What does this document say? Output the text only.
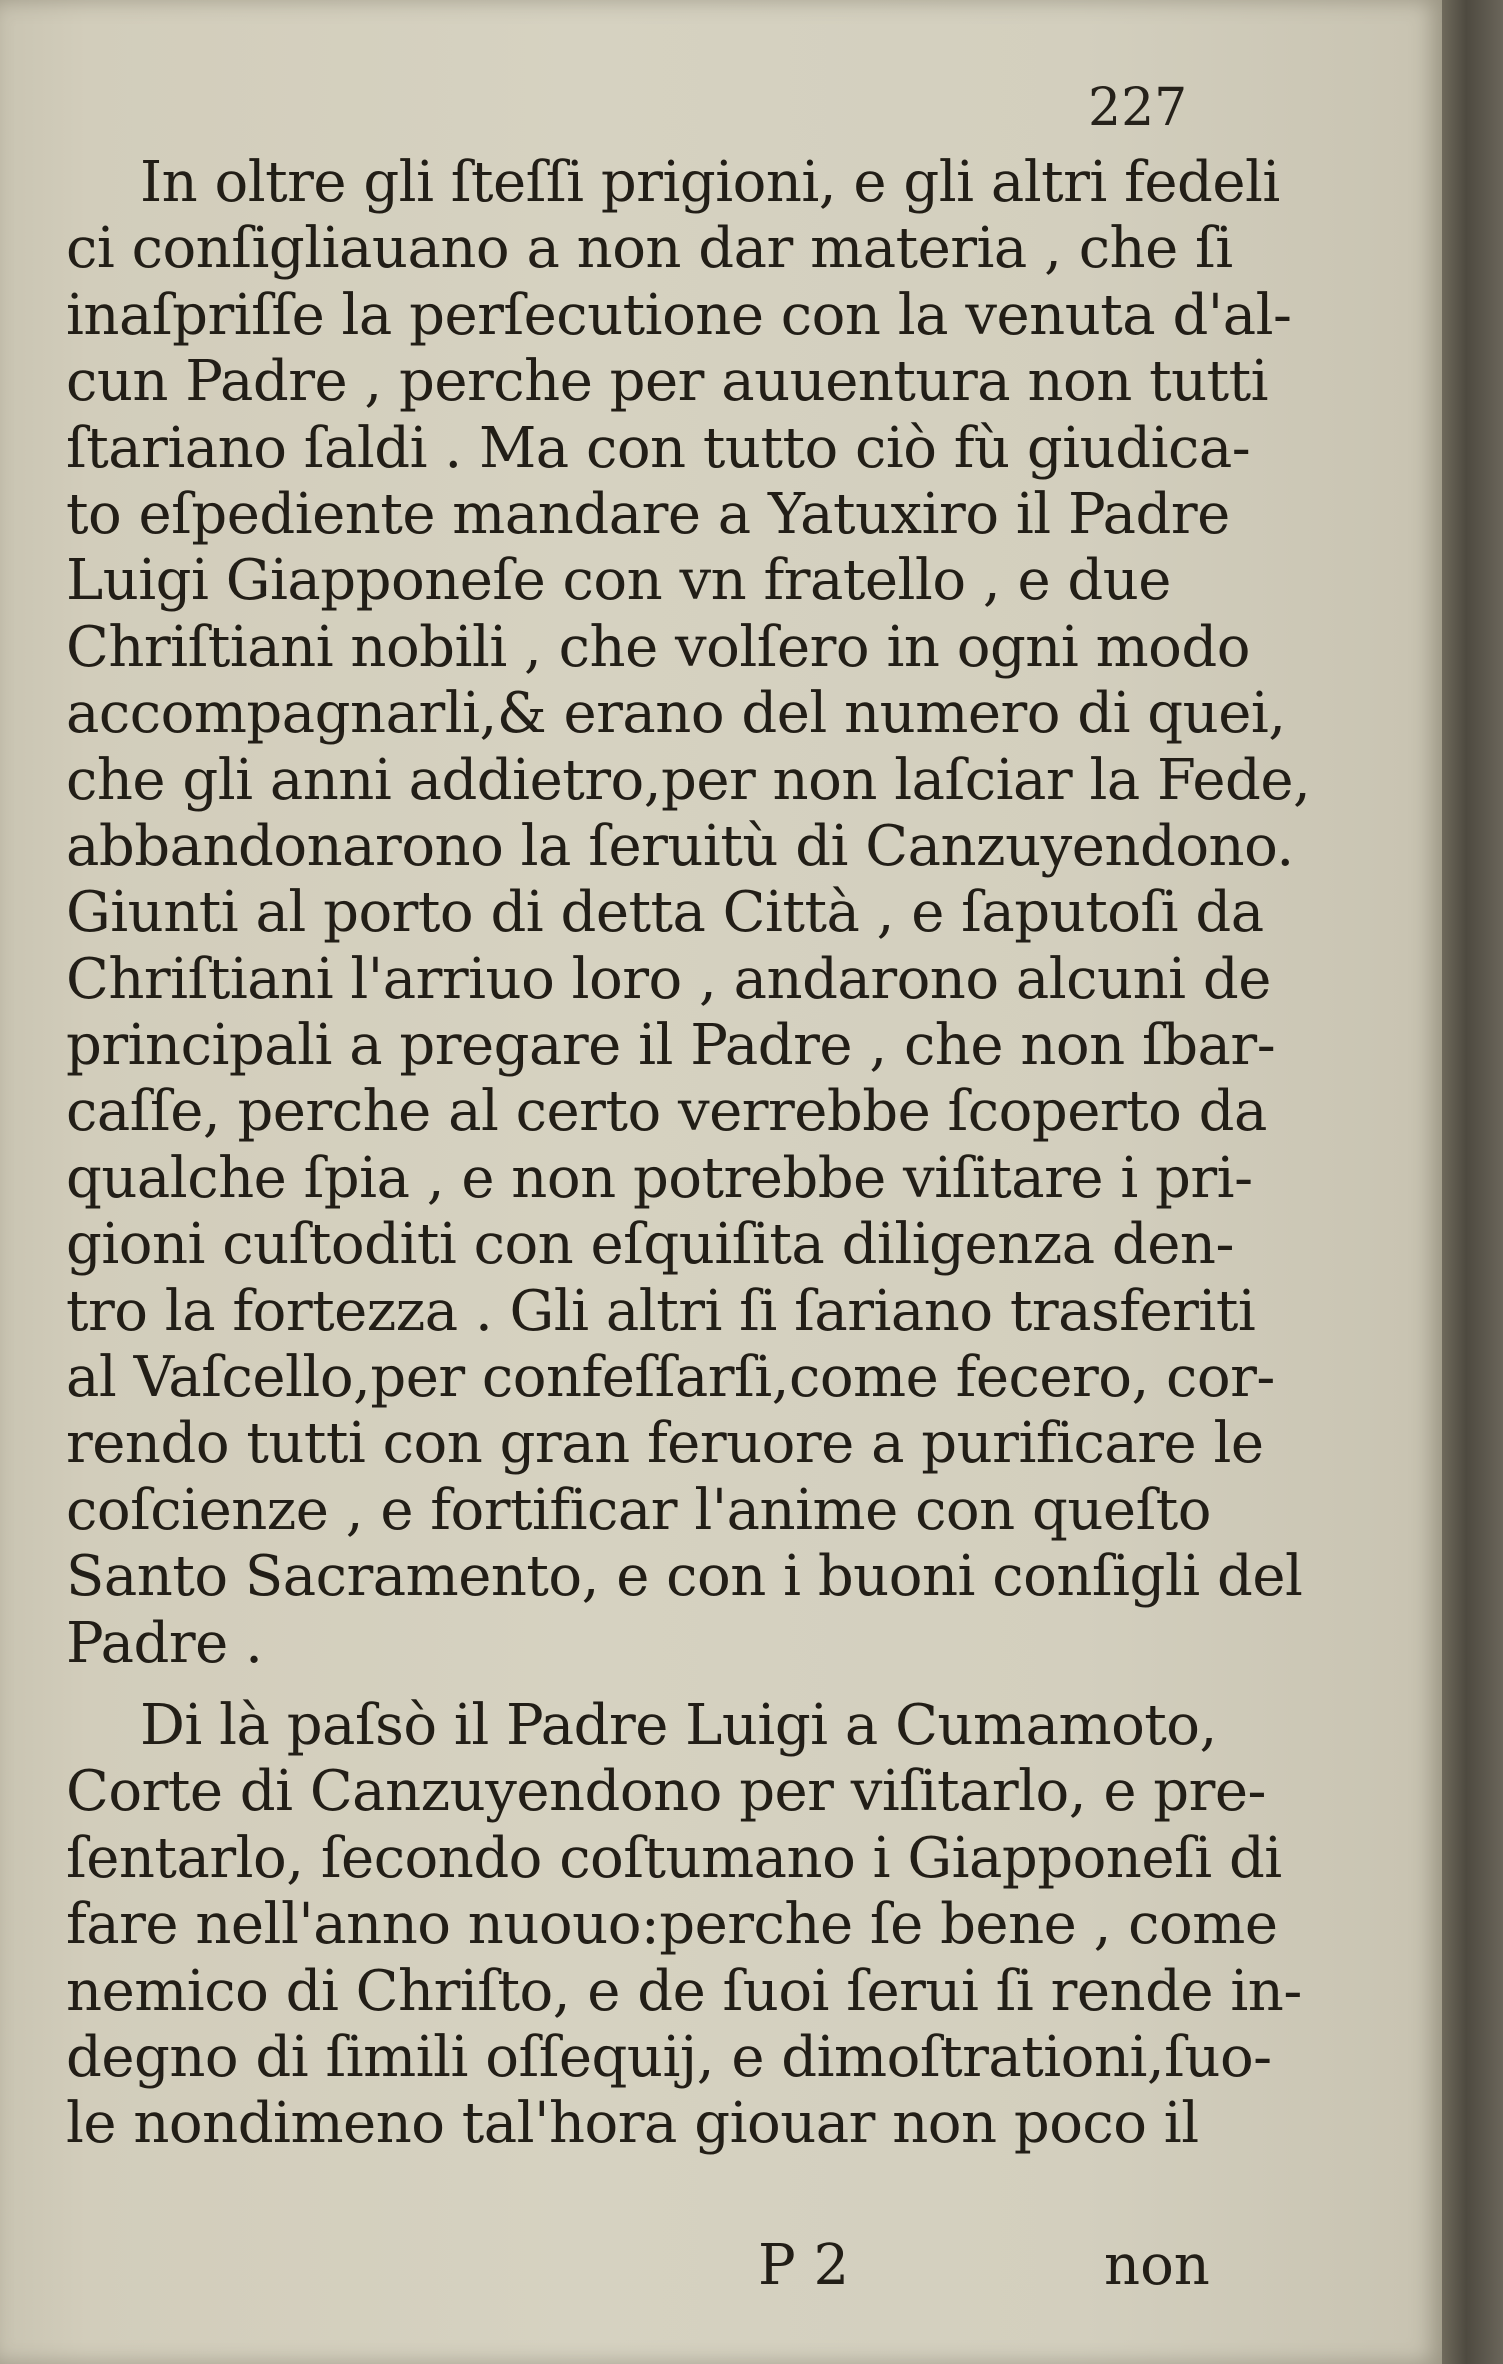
227

In oltre gli ſteſſi prigioni, e gli altri fedeli

ci conſigliauano a non dar materia , che ſi

inaſpriſſe la perſecutione con la venuta d'al-

cun Padre , perche per auuentura non tutti

ſtariano ſaldi . Ma con tutto ciò fù giudica-

to eſpediente mandare a Yatuxiro il Padre

Luigi Giapponeſe con vn fratello , e due

Chriſtiani nobili , che volſero in ogni modo

accompagnarli,& erano del numero di quei,

che gli anni addietro,per non laſciar la Fede,

abbandonarono la ſeruitù di Canzuyendono.

Giunti al porto di detta Città , e ſaputoſi da

Chriſtiani l'arriuo loro , andarono alcuni de

principali a pregare il Padre , che non ſbar-

caſſe, perche al certo verrebbe ſcoperto da

qualche ſpia , e non potrebbe viſitare i pri-

gioni cuſtoditi con eſquiſita diligenza den-

tro la fortezza . Gli altri ſi ſariano trasferiti

al Vaſcello,per confeſſarſi,come fecero, cor-

rendo tutti con gran feruore a purificare le

coſcienze , e fortificar l'anime con queſto

Santo Sacramento, e con i buoni conſigli del

Padre .

Di là paſsò il Padre Luigi a Cumamoto,

Corte di Canzuyendono per viſitarlo, e pre-

ſentarlo, ſecondo coſtumano i Giapponeſi di

fare nell'anno nuouo:perche ſe bene , come

nemico di Chriſto, e de ſuoi ſerui ſi rende in-

degno di ſimili oſſequij, e dimoſtrationi,ſuo-

le nondimeno tal'hora giouar non poco il

P 2	non
